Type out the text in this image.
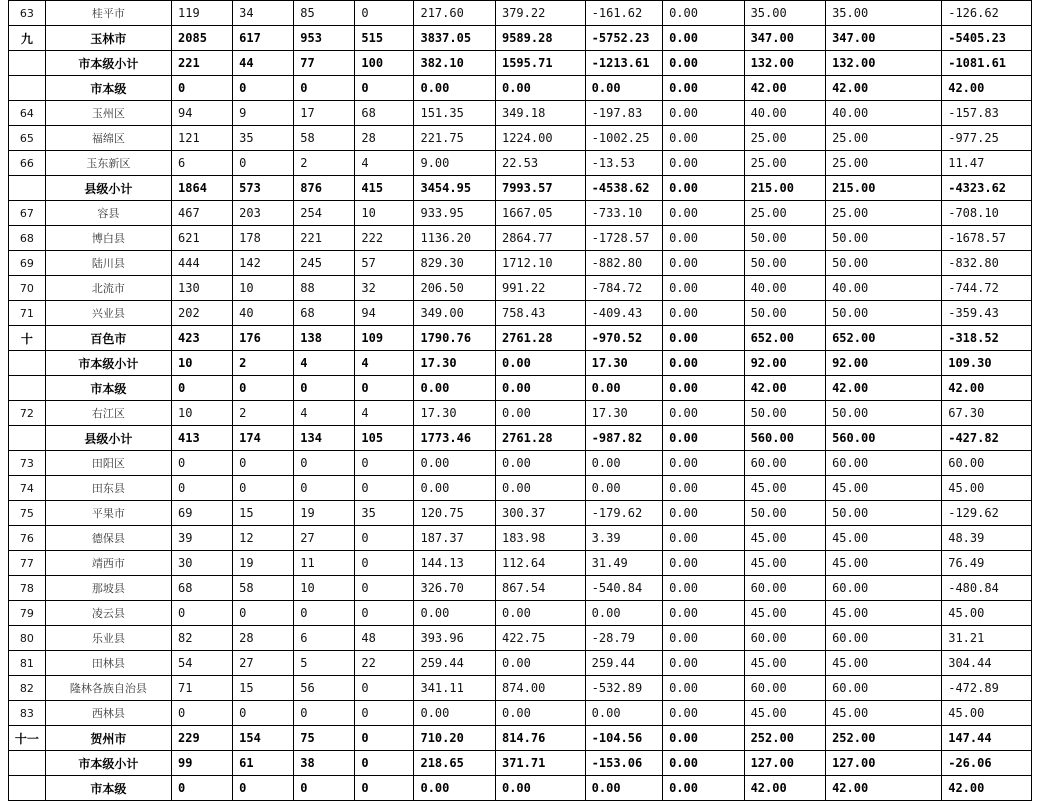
63	桂平市	119	34	85	0	217.60	379.22	-161.62	0.00	35.00	35.00	-126.62
九	玉林市	2085	617	953	515	3837.05	9589.28	-5752.23	0.00	347.00	347.00	-5405.23
	市本级小计	221	44	77	100	382.10	1595.71	-1213.61	0.00	132.00	132.00	-1081.61
	市本级	0	0	0	0	0.00	0.00	0.00	0.00	42.00	42.00	42.00
64	玉州区	94	9	17	68	151.35	349.18	-197.83	0.00	40.00	40.00	-157.83
65	福绵区	121	35	58	28	221.75	1224.00	-1002.25	0.00	25.00	25.00	-977.25
66	玉东新区	6	0	2	4	9.00	22.53	-13.53	0.00	25.00	25.00	11.47
	县级小计	1864	573	876	415	3454.95	7993.57	-4538.62	0.00	215.00	215.00	-4323.62
67	容县	467	203	254	10	933.95	1667.05	-733.10	0.00	25.00	25.00	-708.10
68	博白县	621	178	221	222	1136.20	2864.77	-1728.57	0.00	50.00	50.00	-1678.57
69	陆川县	444	142	245	57	829.30	1712.10	-882.80	0.00	50.00	50.00	-832.80
70	北流市	130	10	88	32	206.50	991.22	-784.72	0.00	40.00	40.00	-744.72
71	兴业县	202	40	68	94	349.00	758.43	-409.43	0.00	50.00	50.00	-359.43
十	百色市	423	176	138	109	1790.76	2761.28	-970.52	0.00	652.00	652.00	-318.52
	市本级小计	10	2	4	4	17.30	0.00	17.30	0.00	92.00	92.00	109.30
	市本级	0	0	0	0	0.00	0.00	0.00	0.00	42.00	42.00	42.00
72	右江区	10	2	4	4	17.30	0.00	17.30	0.00	50.00	50.00	67.30
	县级小计	413	174	134	105	1773.46	2761.28	-987.82	0.00	560.00	560.00	-427.82
73	田阳区	0	0	0	0	0.00	0.00	0.00	0.00	60.00	60.00	60.00
74	田东县	0	0	0	0	0.00	0.00	0.00	0.00	45.00	45.00	45.00
75	平果市	69	15	19	35	120.75	300.37	-179.62	0.00	50.00	50.00	-129.62
76	德保县	39	12	27	0	187.37	183.98	3.39	0.00	45.00	45.00	48.39
77	靖西市	30	19	11	0	144.13	112.64	31.49	0.00	45.00	45.00	76.49
78	那坡县	68	58	10	0	326.70	867.54	-540.84	0.00	60.00	60.00	-480.84
79	凌云县	0	0	0	0	0.00	0.00	0.00	0.00	45.00	45.00	45.00
80	乐业县	82	28	6	48	393.96	422.75	-28.79	0.00	60.00	60.00	31.21
81	田林县	54	27	5	22	259.44	0.00	259.44	0.00	45.00	45.00	304.44
82	隆林各族自治县	71	15	56	0	341.11	874.00	-532.89	0.00	60.00	60.00	-472.89
83	西林县	0	0	0	0	0.00	0.00	0.00	0.00	45.00	45.00	45.00
十一	贺州市	229	154	75	0	710.20	814.76	-104.56	0.00	252.00	252.00	147.44
	市本级小计	99	61	38	0	218.65	371.71	-153.06	0.00	127.00	127.00	-26.06
	市本级	0	0	0	0	0.00	0.00	0.00	0.00	42.00	42.00	42.00
